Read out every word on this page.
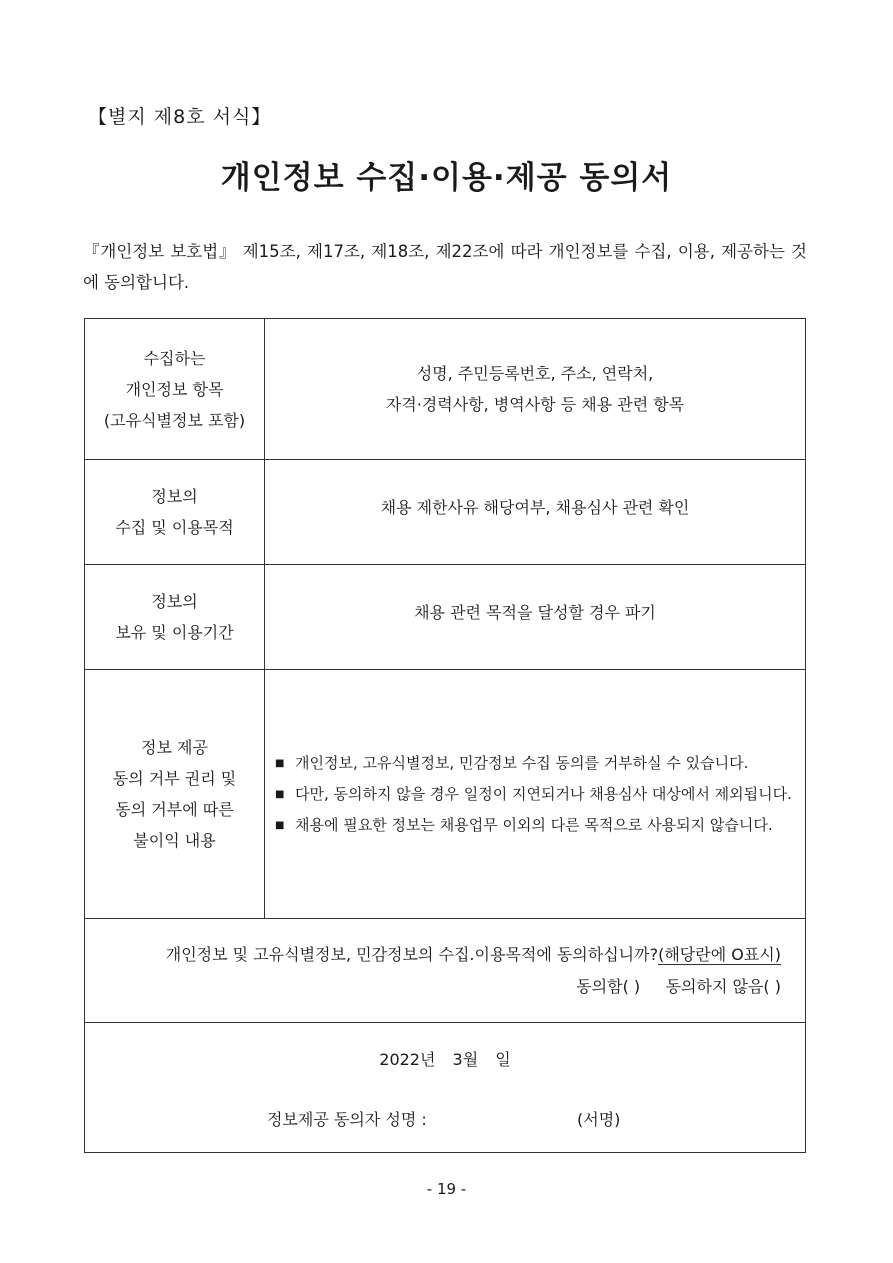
【별지 제8호 서식】
개인정보 수집·이용·제공 동의서
『개인정보 보호법』 제15조, 제17조, 제18조, 제22조에 따라 개인정보를 수집, 이용, 제공하는 것에 동의합니다.
수집하는
개인정보 항목
(고유식별정보 포함)
성명, 주민등록번호, 주소, 연락처,
자격·경력사항, 병역사항 등 채용 관련 항목
정보의
수집 및 이용목적
채용 제한사유 해당여부, 채용심사 관련 확인
정보의
보유 및 이용기간
채용 관련 목적을 달성할 경우 파기
정보 제공
동의 거부 권리 및
동의 거부에 따른
불이익 내용
■ 개인정보, 고유식별정보, 민감정보 수집 동의를 거부하실 수 있습니다.
■ 다만, 동의하지 않을 경우 일정이 지연되거나 채용심사 대상에서 제외됩니다.
■ 채용에 필요한 정보는 채용업무 이외의 다른 목적으로 사용되지 않습니다.
개인정보 및 고유식별정보, 민감정보의 수집.이용목적에 동의하십니까?(해당란에 O표시)
동의함( ) 동의하지 않음( )
2022년 3월 일
정보제공 동의자 성명 :	(서명)
- 19 -
